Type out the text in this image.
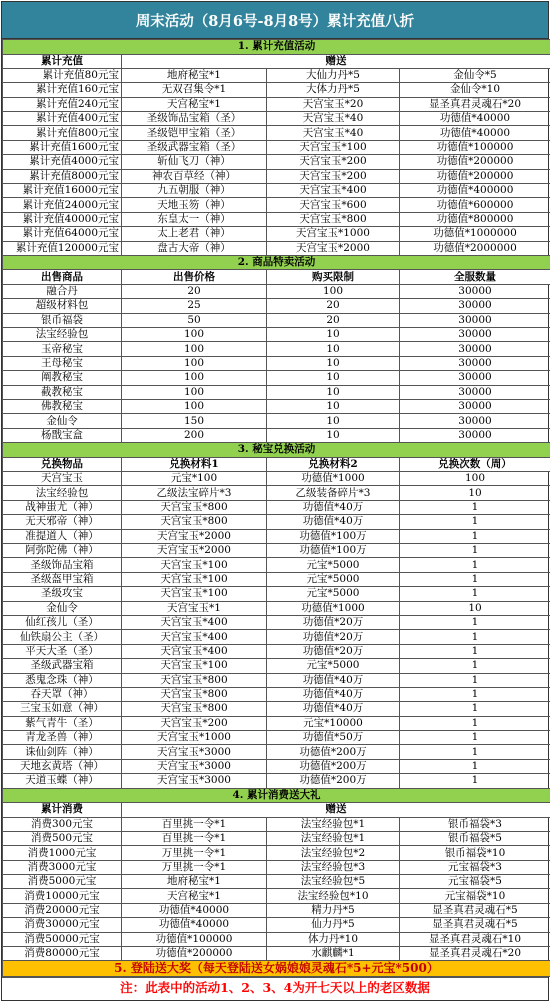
周末活动（8月6号-8月8号）累计充值八折
1. 累计充值活动			
累计充值	赠送		
累计充值80元宝	地府秘宝*1	大仙力丹*5	金仙令*5
累计充值160元宝	无双召集令*1	大体力丹*5	金仙令*10
累计充值240元宝	天宫秘宝*1	天宫宝玉*20	显圣真君灵魂石*20
累计充值400元宝	圣级饰品宝箱（圣）	天宫宝玉*40	功德值*40000
累计充值800元宝	圣级铠甲宝箱（圣）	天宫宝玉*40	功德值*40000
累计充值1600元宝	圣级武器宝箱（圣）	天宫宝玉*100	功德值*100000
累计充值4000元宝	斩仙飞刀（神）	天宫宝玉*200	功德值*200000
累计充值8000元宝	神农百草经（神）	天宫宝玉*200	功德值*200000
累计充值16000元宝	九五朝服（神）	天宫宝玉*400	功德值*400000
累计充值24000元宝	天地玉笏（神）	天宫宝玉*600	功德值*600000
累计充值40000元宝	东皇太一（神）	天宫宝玉*800	功德值*800000
累计充值64000元宝	太上老君（神）	天宫宝玉*1000	功德值*1000000
累计充值120000元宝	盘古大帝（神）	天宫宝玉*2000	功德值*2000000
2. 商品特卖活动			
出售商品	出售价格	购买限制	全服数量
融合丹	20	100	30000
超级材料包	25	20	30000
银币福袋	50	20	30000
法宝经验包	100	10	30000
玉帝秘宝	100	10	30000
王母秘宝	100	10	30000
阐教秘宝	100	10	30000
截教秘宝	100	10	30000
佛教秘宝	100	10	30000
金仙令	150	10	30000
杨戬宝盒	200	10	30000
3. 秘宝兑换活动			
兑换物品	兑换材料1	兑换材料2	兑换次数（周）
天宫宝玉	元宝*100	功德值*1000	100
法宝经验包	乙级法宝碎片*3	乙级装备碎片*3	10
战神蚩尤（神）	天宫宝玉*800	功德值*40万	1
无天邪帝（神）	天宫宝玉*800	功德值*40万	1
准提道人（神）	天宫宝玉*2000	功德值*100万	1
阿弥陀佛（神）	天宫宝玉*2000	功德值*100万	1
圣级饰品宝箱	天宫宝玉*100	元宝*5000	1
圣级盔甲宝箱	天宫宝玉*100	元宝*5000	1
圣级攻宝	天宫宝玉*100	元宝*5000	1
金仙令	天宫宝玉*1	功德值*1000	10
仙红孩儿（圣）	天宫宝玉*400	功德值*20万	1
仙铁扇公主（圣）	天宫宝玉*400	功德值*20万	1
平天大圣（圣）	天宫宝玉*400	功德值*20万	1
圣级武器宝箱	天宫宝玉*100	元宝*5000	1
悉鬼念珠（神）	天宫宝玉*800	功德值*40万	1
吞天罩（神）	天宫宝玉*800	功德值*40万	1
三宝玉如意（神）	天宫宝玉*800	功德值*40万	1
紫气青牛（圣）	天宫宝玉*200	元宝*10000	1
青龙圣兽（神）	天宫宝玉*1000	功德值*50万	1
诛仙剑阵（神）	天宫宝玉*3000	功德值*200万	1
天地玄黄塔（神）	天宫宝玉*3000	功德值*200万	1
天道玉蝶（神）	天宫宝玉*3000	功德值*200万	1
4. 累计消费送大礼			
累计消费	赠送		
消费300元宝	百里挑一令*1	法宝经验包*1	银币福袋*3
消费500元宝	百里挑一令*1	法宝经验包*1	银币福袋*5
消费1000元宝	万里挑一令*1	法宝经验包*2	银币福袋*10
消费3000元宝	万里挑一令*1	法宝经验包*3	元宝福袋*3
消费5000元宝	地府秘宝*1	法宝经验包*5	元宝福袋*5
消费10000元宝	天宫秘宝*1	法宝经验包*10	元宝福袋*10
消费20000元宝	功德值*40000	精力丹*5	显圣真君灵魂石*5
消费30000元宝	功德值*40000	仙力丹*5	显圣真君灵魂石*5
消费50000元宝	功德值*100000	体力丹*10	显圣真君灵魂石*10
消费80000元宝	功德值*200000	水麒麟*1	显圣真君灵魂石*20
5. 登陆送大奖（每天登陆送女娲娘娘灵魂石*5+元宝*500）			
注：此表中的活动1、2、3、4为开七天以上的老区数据
